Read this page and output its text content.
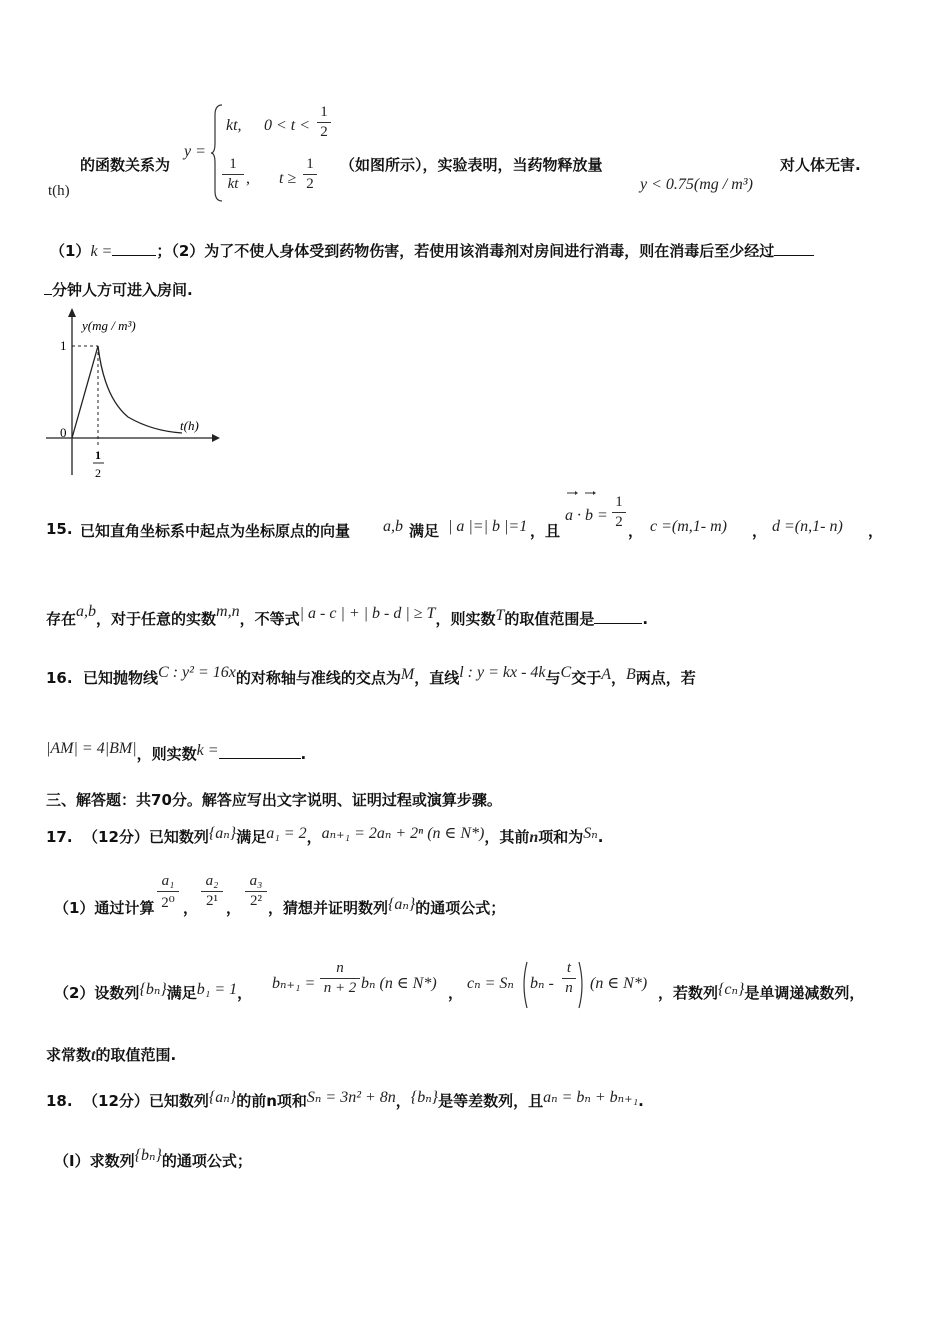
的函数关系为
t(h)
y =
kt, 0 < t <
1
2
1
kt , t ≥
1
2
（如图所示），实验表明，当药物释放量
y < 0.75(mg / m³)
对人体无害.
（1）k =	；（2）为了不使人身体受到药物伤害，若使用该消毒剂对房间进行消毒，则在消毒后至少经过
分钟人方可进入房间.
y(mg / m³)
t(h)
1
0
1
2
15. 已知直角坐标系中起点为坐标原点的向量 a,b 满足 | a |=| b |=1 ，且
a · b =
1
2 ， c =(m,1- m) ， d =(n,1- n) ，
存在a,b，对于任意的实数m,n，不等式| a - c | + | b - d | ≥ T，则实数T的取值范围是	.
16. 已知抛物线C : y² = 16x的对称轴与准线的交点为M，直线l : y = kx - 4k与C交于A，B两点，若
|AM| = 4|BM|，则实数k =	.
三、解答题：共70分。解答应写出文字说明、证明过程或演算步骤。
17. （12分）已知数列{aₙ}满足a₁ = 2，aₙ₊₁ = 2aₙ + 2ⁿ (n ∈ N*)，其前n项和为Sₙ.
（1）通过计算
a₁
2⁰ ，
a₂
2¹ ，
a₃
2² ，猜想并证明数列{aₙ}的通项公式；
（2）设数列{bₙ}满足b₁ = 1，
bₙ₊₁ =
n
n + 2 bₙ (n ∈ N*)
，
cₙ = Sₙ bₙ -
t
n (n ∈ N*)
，若数列{cₙ}是单调递减数列，
求常数t的取值范围.
18. （12分）已知数列{aₙ}的前n项和Sₙ = 3n² + 8n，{bₙ}是等差数列，且aₙ = bₙ + bₙ₊₁.
（Ⅰ）求数列{bₙ}的通项公式；
